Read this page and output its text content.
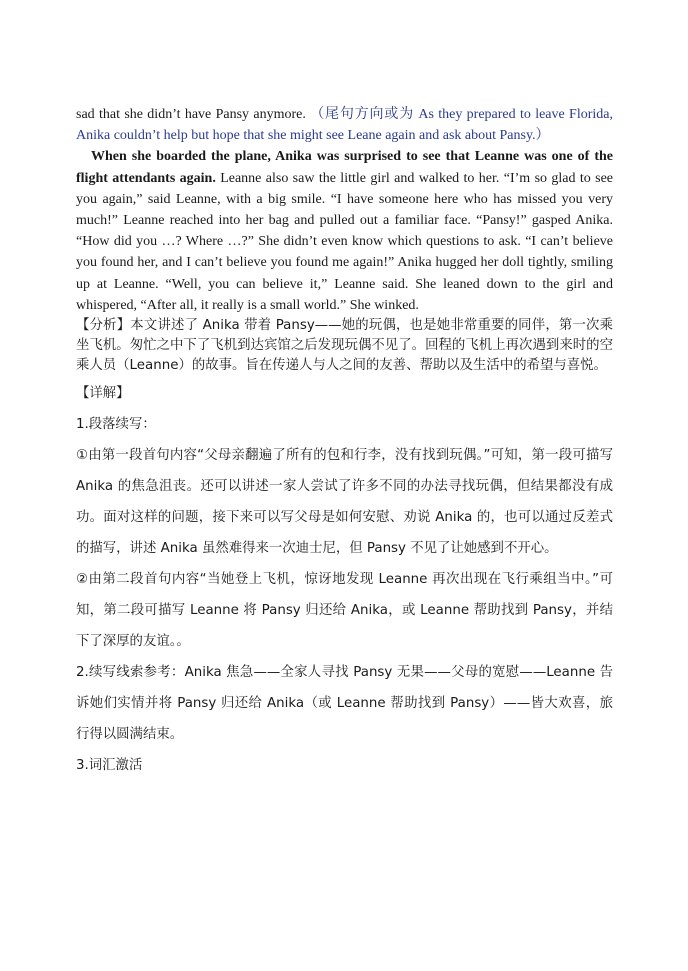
sad that she didn’t have Pansy anymore. （尾句方向或为 As they prepared to leave Florida, Anika couldn’t help but hope that she might see Leane again and ask about Pansy.）

When she boarded the plane, Anika was surprised to see that Leanne was one of the flight attendants again. Leanne also saw the little girl and walked to her. “I’m so glad to see you again,” said Leanne, with a big smile. “I have someone here who has missed you very much!” Leanne reached into her bag and pulled out a familiar face. “Pansy!” gasped Anika. “How did you …? Where …?” She didn’t even know which questions to ask. “I can’t believe you found her, and I can’t believe you found me again!” Anika hugged her doll tightly, smiling up at Leanne. “Well, you can believe it,” Leanne said. She leaned down to the girl and whispered, “After all, it really is a small world.” She winked.

【分析】本文讲述了 Anika 带着 Pansy——她的玩偶，也是她非常重要的同伴，第一次乘坐飞机。匆忙之中下了飞机到达宾馆之后发现玩偶不见了。回程的飞机上再次遇到来时的空乘人员（Leanne）的故事。旨在传递人与人之间的友善、帮助以及生活中的希望与喜悦。

【详解】

1.段落续写：

①由第一段首句内容“父母亲翻遍了所有的包和行李，没有找到玩偶。”可知，第一段可描写 Anika 的焦急沮丧。还可以讲述一家人尝试了许多不同的办法寻找玩偶，但结果都没有成功。面对这样的问题，接下来可以写父母是如何安慰、劝说 Anika 的，也可以通过反差式的描写，讲述 Anika 虽然难得来一次迪士尼，但 Pansy 不见了让她感到不开心。

②由第二段首句内容“当她登上飞机，惊讶地发现 Leanne 再次出现在飞行乘组当中。”可知，第二段可描写 Leanne 将 Pansy 归还给 Anika，或 Leanne 帮助找到 Pansy，并结下了深厚的友谊。。

2.续写线索参考：Anika 焦急——全家人寻找 Pansy 无果——父母的宽慰——Leanne 告诉她们实情并将 Pansy 归还给 Anika（或 Leanne 帮助找到 Pansy）——皆大欢喜，旅行得以圆满结束。

3.词汇激活
